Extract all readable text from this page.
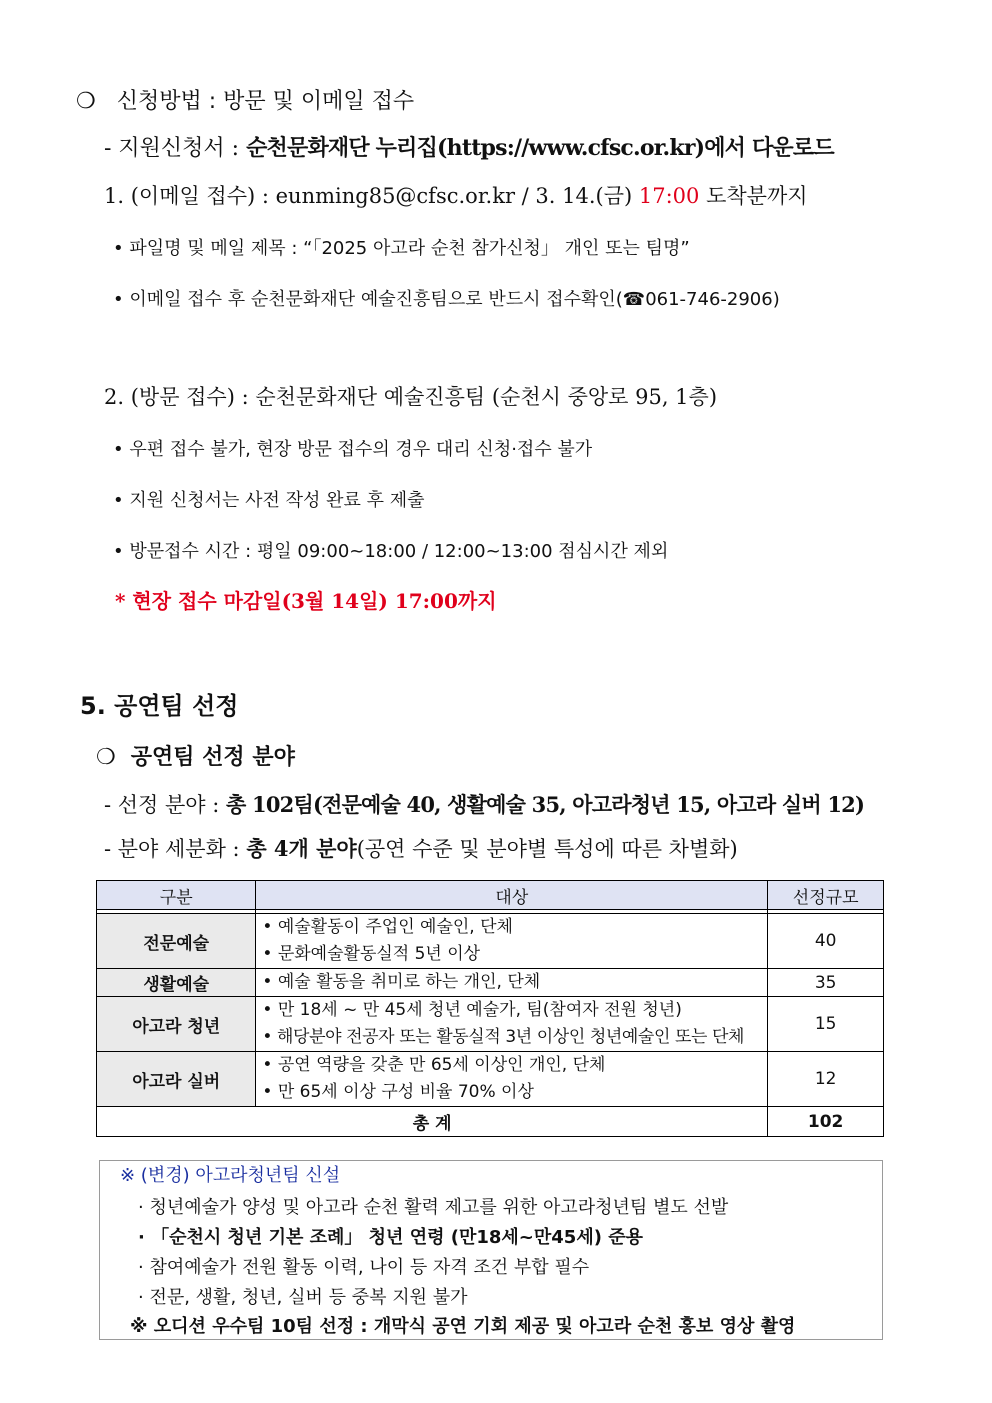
❍ 신청방법 : 방문 및 이메일 접수
- 지원신청서 : 순천문화재단 누리집(https://www.cfsc.or.kr)에서 다운로드
1. (이메일 접수) : eunming85@cfsc.or.kr / 3. 14.(금) 17:00 도착분까지
• 파일명 및 메일 제목 : “「2025 아고라 순천 참가신청」 개인 또는 팀명”
• 이메일 접수 후 순천문화재단 예술진흥팀으로 반드시 접수확인(☎061-746-2906)
2. (방문 접수) : 순천문화재단 예술진흥팀 (순천시 중앙로 95, 1층)
• 우편 접수 불가, 현장 방문 접수의 경우 대리 신청·접수 불가
• 지원 신청서는 사전 작성 완료 후 제출
• 방문접수 시간 : 평일 09:00~18:00 / 12:00~13:00 점심시간 제외
* 현장 접수 마감일(3월 14일) 17:00까지
5. 공연팀 선정
❍ 공연팀 선정 분야
- 선정 분야 : 총 102팀(전문예술 40, 생활예술 35, 아고라청년 15, 아고라 실버 12)
- 분야 세분화 : 총 4개 분야(공연 수준 및 분야별 특성에 따른 차별화)
구분	대상	선정규모

전문예술	• 예술활동이 주업인 예술인, 단체
• 문화예술활동실적 5년 이상	40
생활예술	• 예술 활동을 취미로 하는 개인, 단체	35
아고라 청년	• 만 18세 ~ 만 45세 청년 예술가, 팀(참여자 전원 청년)
• 해당분야 전공자 또는 활동실적 3년 이상인 청년예술인 또는 단체	15
아고라 실버	• 공연 역량을 갖춘 만 65세 이상인 개인, 단체
• 만 65세 이상 구성 비율 70% 이상	12
총 계		102
※ (변경) 아고라청년팀 신설
· 청년예술가 양성 및 아고라 순천 활력 제고를 위한 아고라청년팀 별도 선발
· 「순천시 청년 기본 조례」 청년 연령 (만18세~만45세) 준용
· 참여예술가 전원 활동 이력, 나이 등 자격 조건 부합 필수
· 전문, 생활, 청년, 실버 등 중복 지원 불가
※ 오디션 우수팀 10팀 선정 : 개막식 공연 기회 제공 및 아고라 순천 홍보 영상 촬영
